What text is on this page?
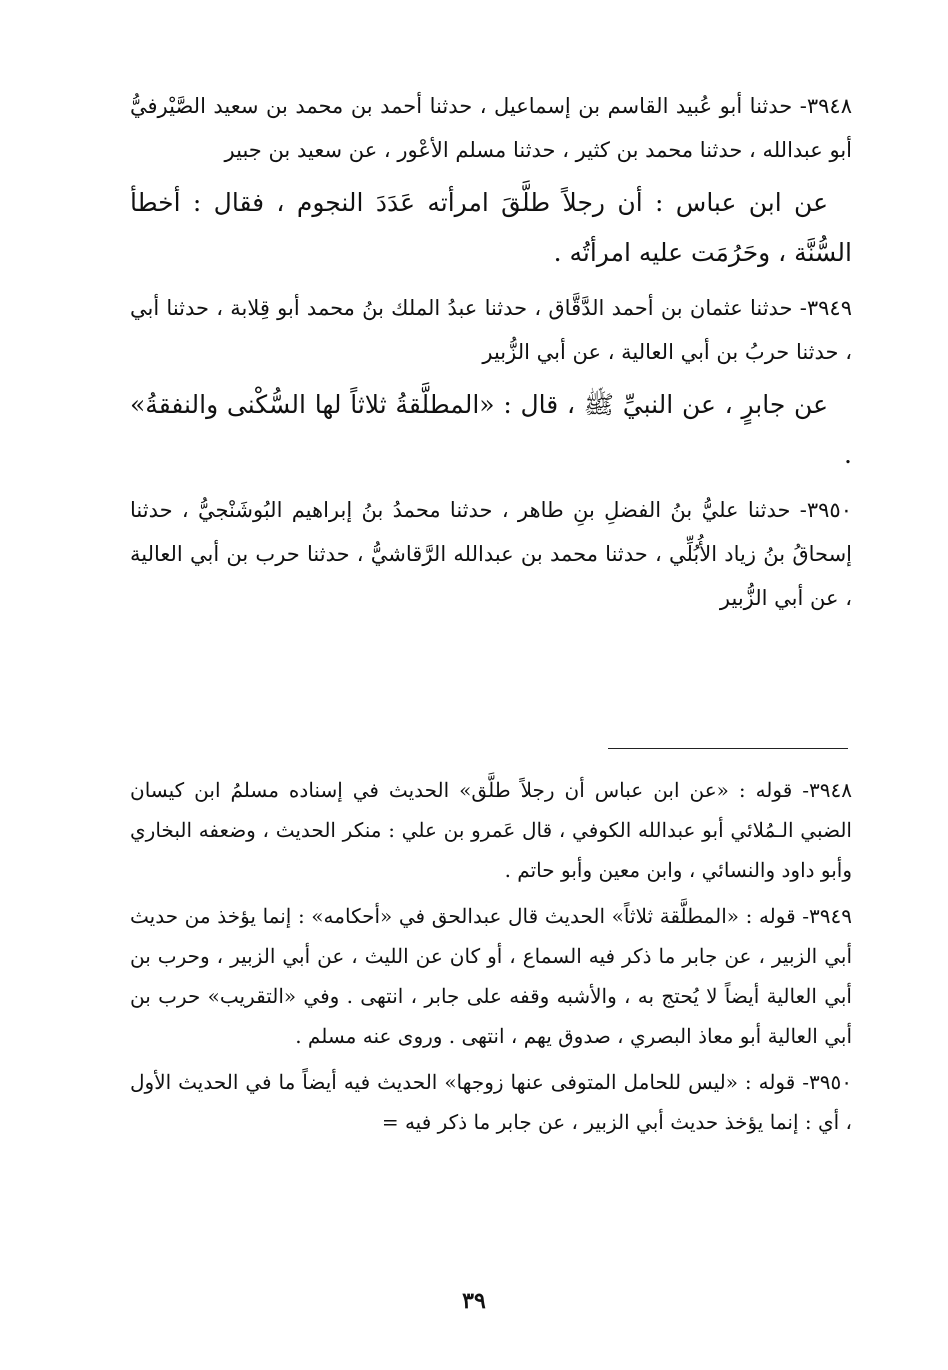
٣٩٤٨- حدثنا أبو عُبيد القاسم بن إسماعيل ، حدثنا أحمد بن محمد بن سعيد الصَّيْرفيُّ أبو عبدالله ، حدثنا محمد بن كثير ، حدثنا مسلم الأعْور ، عن سعيد بن جبير

عن ابن عباس : أن رجلاً طلَّقَ امرأته عَدَدَ النجوم ، فقال : أخطأ السُّنَّة ، وحَرُمَت عليه امرأتُه .

٣٩٤٩- حدثنا عثمان بن أحمد الدَّقَّاق ، حدثنا عبدُ الملك بنُ محمد أبو قِلابة ، حدثنا أبي ، حدثنا حربُ بن أبي العالية ، عن أبي الزُّبير

عن جابرٍ ، عن النبيِّ ﷺ ، قال : «المطلَّقةُ ثلاثاً لها السُّكْنى والنفقةُ» .

٣٩٥٠- حدثنا عليُّ بنُ الفضلِ بنِ طاهر ، حدثنا محمدُ بنُ إبراهيم البُوشَنْجيُّ ، حدثنا إسحاقُ بنُ زياد الأُبُلِّي ، حدثنا محمد بن عبدالله الرَّقاشيُّ ، حدثنا حرب بن أبي العالية ، عن أبي الزُّبير

٣٩٤٨- قوله : «عن ابن عباس أن رجلاً طلَّق» الحديث في إسناده مسلمُ ابن كيسان الضبي الـمُلائي أبو عبدالله الكوفي ، قال عَمرو بن علي : منكر الحديث ، وضعفه البخاري وأبو داود والنسائي ، وابن معين وأبو حاتم .

٣٩٤٩- قوله : «المطلَّقة ثلاثاً» الحديث قال عبدالحق في «أحكامه» : إنما يؤخذ من حديث أبي الزبير ، عن جابر ما ذكر فيه السماع ، أو كان عن الليث ، عن أبي الزبير ، وحرب بن أبي العالية أيضاً لا يُحتج به ، والأشبه وقفه على جابر ، انتهى . وفي «التقريب» حرب بن أبي العالية أبو معاذ البصري ، صدوق يهم ، انتهى . وروى عنه مسلم .

٣٩٥٠- قوله : «ليس للحامل المتوفى عنها زوجها» الحديث فيه أيضاً ما في الحديث الأول ، أي : إنما يؤخذ حديث أبي الزبير ، عن جابر ما ذكر فيه =

٣٩
